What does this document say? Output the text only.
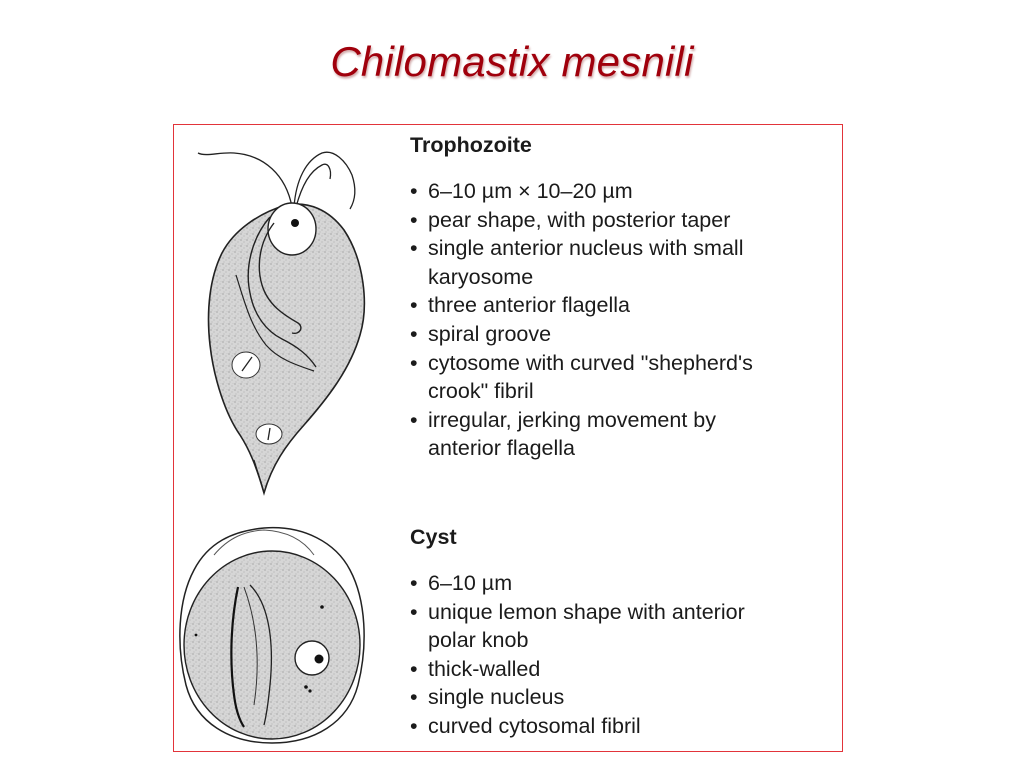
Chilomastix mesnili
Trophozoite
• 6–10 µm × 10–20 µm
• pear shape, with posterior taper
• single anterior nucleus with small
karyosome
• three anterior flagella
• spiral groove
• cytosome with curved "shepherd's
crook" fibril
• irregular, jerking movement by
anterior flagella
Cyst
• 6–10 µm
• unique lemon shape with anterior
polar knob
• thick-walled
• single nucleus
• curved cytosomal fibril
